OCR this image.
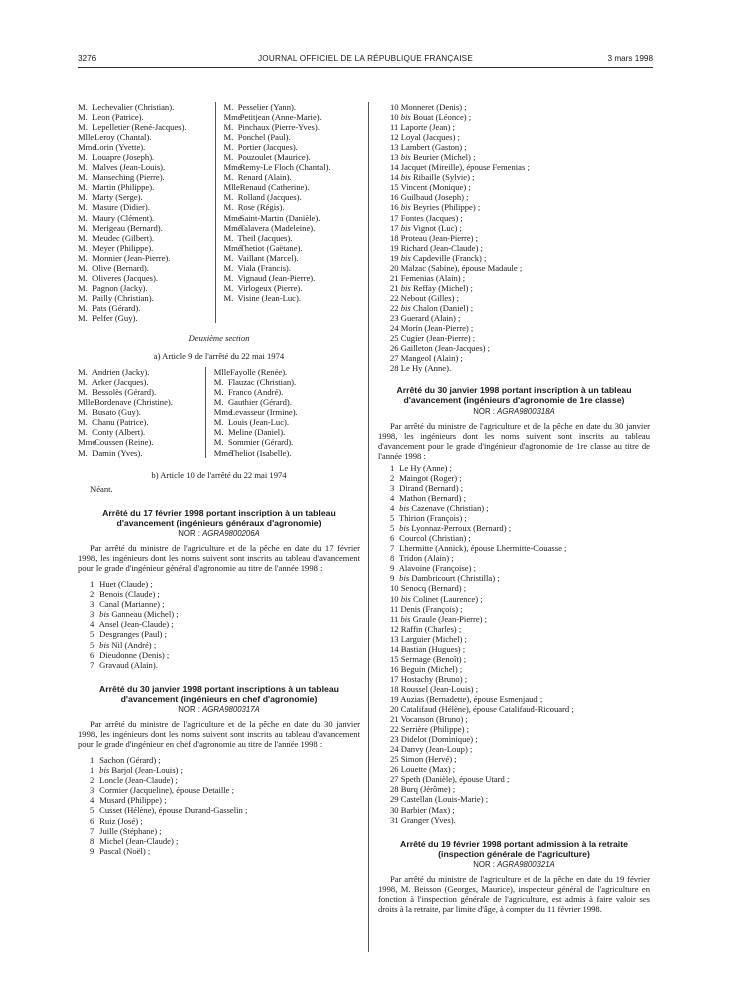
3276	JOURNAL OFFICIEL DE LA RÉPUBLIQUE FRANÇAISE	3 mars 1998
M. Lechevalier (Christian).
M. Leon (Patrice).
M. Lepelletier (René-Jacques).
Mlle Leroy (Chantal).
Mme Lorin (Yvette).
M. Louapre (Joseph).
M. Malves (Jean-Louis).
M. Manseching (Pierre).
M. Martin (Philippe).
M. Marty (Serge).
M. Masure (Didier).
M. Maury (Clément).
M. Merigeau (Bernard).
M. Meudec (Gilbert).
M. Meyer (Philippe).
M. Monnier (Jean-Pierre).
M. Olive (Bernard).
M. Oliveres (Jacques).
M. Pagnon (Jacky).
M. Pailly (Christian).
M. Pats (Gérard).
M. Pelfer (Guy).
M. Pesselier (Yann).
Mme Petitjean (Anne-Marie).
M. Pinchaux (Pierre-Yves).
M. Ponchel (Paul).
M. Portier (Jacques).
M. Pouzoulet (Maurice).
Mme Remy-Le Floch (Chantal).
M. Renard (Alain).
Mlle Renaud (Catherine).
M. Rolland (Jacques).
M. Rose (Régis).
Mme Saint-Martin (Danièle).
Mme Talavera (Madeleine).
M. Theil (Jacques).
Mme Thetiot (Gaëtane).
M. Vaillant (Marcel).
M. Viala (Francis).
M. Vignaud (Jean-Pierre).
M. Virlogeux (Pierre).
M. Visine (Jean-Luc).
Deuxième section
a) Article 9 de l'arrêté du 22 mai 1974
M. Andrien (Jacky).
M. Arker (Jacques).
M. Bessolès (Gérard).
Mlle Bordenave (Christine).
M. Busato (Guy).
M. Chanu (Patrice).
M. Conty (Albert).
Mme Coussen (Reine).
M. Damin (Yves).
Mlle Fayolle (Renée).
M. Flauzac (Christian).
M. Franco (André).
M. Gauthier (Gérard).
Mme Levasseur (Irmine).
M. Louis (Jean-Luc).
M. Meline (Daniel).
M. Sommier (Gérard).
Mme Theliot (Isabelle).
b) Article 10 de l'arrêté du 22 mai 1974
Néant.
Arrêté du 17 février 1998 portant inscription à un tableau d'avancement (ingénieurs généraux d'agronomie)
NOR : AGRA9800206A

Par arrêté du ministre de l'agriculture et de la pêche en date du 17 février 1998, les ingénieurs dont les noms suivent sont inscrits au tableau d'avancement pour le grade d'ingénieur général d'agronomie au titre de l'année 1998 :

1 Huet (Claude) ;
2 Benois (Claude) ;
3 Canal (Marianne) ;
3 bis Ganneau (Michel) ;
4 Ansel (Jean-Claude) ;
5 Desgranges (Paul) ;
5 bis Nil (André) ;
6 Dieudonne (Denis) ;
7 Gravaud (Alain).
Arrêté du 30 janvier 1998 portant inscriptions à un tableau d'avancement (ingénieurs en chef d'agronomie)
NOR : AGRA9800317A

Par arrêté du ministre de l'agriculture et de la pêche en date du 30 janvier 1998, les ingénieurs dont les noms suivent sont inscrits au tableau d'avancement pour le grade d'ingénieur en chef d'agronomie au titre de l'année 1998 :

1 Sachon (Gérard) ;
1 bis Barjol (Jean-Louis) ;
2 Loncle (Jean-Claude) ;
3 Cormier (Jacqueline), épouse Detaille ;
4 Musard (Philippe) ;
5 Cusset (Hélène), épouse Durand-Gasselin ;
6 Ruiz (José) ;
7 Juille (Stéphane) ;
8 Michel (Jean-Claude) ;
9 Pascal (Noël) ;
10 Monneret (Denis) ;
10 bis Bouat (Léonce) ;
11 Laporte (Jean) ;
12 Loyal (Jacques) ;
13 Lambert (Gaston) ;
13 bis Beurier (Michel) ;
14 Jacquet (Mireille), épouse Femenias ;
14 bis Ribaille (Sylvie) ;
15 Vincent (Monique) ;
16 Guilbaud (Joseph) ;
16 bis Beyries (Philippe) ;
17 Fontes (Jacques) ;
17 bis Vignot (Luc) ;
18 Proteau (Jean-Pierre) ;
19 Richard (Jean-Claude) ;
19 bis Capdeville (Franck) ;
20 Malzac (Sabine), épouse Madaule ;
21 Femenias (Alain) ;
21 bis Reffay (Michel) ;
22 Nebout (Gilles) ;
22 bis Chalon (Daniel) ;
23 Guerard (Alain) ;
24 Morin (Jean-Pierre) ;
25 Cugier (Jean-Pierre) ;
26 Gailleton (Jean-Jacques) ;
27 Mangeol (Alain) ;
28 Le Hy (Anne).
Arrêté du 30 janvier 1998 portant inscription à un tableau d'avancement (ingénieurs d'agronomie de 1re classe)
NOR : AGRA9800318A

Par arrêté du ministre de l'agriculture et de la pêche en date du 30 janvier 1998, les ingénieurs dont les noms suivent sont inscrits au tableau d'avancement pour le grade d'ingénieur d'agronomie de 1re classe au titre de l'année 1998 :

1 Le Hy (Anne) ;
2 Maingot (Roger) ;
3 Dirand (Bernard) ;
4 Mathon (Bernard) ;
4 bis Cazenave (Christian) ;
5 Thirion (François) ;
5 bis Lyonnaz-Perroux (Bernard) ;
6 Courcol (Christian) ;
7 Lhermitte (Annick), épouse Lhermitte-Couasse ;
8 Tridon (Alain) ;
9 Alavoine (Françoise) ;
9 bis Dambricourt (Christilla) ;
10 Senocq (Bernard) ;
10 bis Colinet (Laurence) ;
11 Denis (François) ;
11 bis Graule (Jean-Pierre) ;
12 Raffin (Charles) ;
13 Larguier (Michel) ;
14 Bastian (Hugues) ;
15 Sermage (Benoît) ;
16 Beguin (Michel) ;
17 Hostachy (Bruno) ;
18 Roussel (Jean-Louis) ;
19 Auzias (Bernadette), épouse Esmenjaud ;
20 Catalifaud (Hélène), épouse Catalifaud-Ricouard ;
21 Vocanson (Bruno) ;
22 Serrière (Philippe) ;
23 Didelot (Dominique) ;
24 Danvy (Jean-Loup) ;
25 Simon (Hervé) ;
26 Louette (Max) ;
27 Speth (Danièle), épouse Utard ;
28 Burq (Jérôme) ;
29 Castellan (Louis-Marie) ;
30 Barbier (Max) ;
31 Granger (Yves).
Arrêté du 19 février 1998 portant admission à la retraite (inspection générale de l'agriculture)
NOR : AGRA9800321A

Par arrêté du ministre de l'agriculture et de la pêche en date du 19 février 1998, M. Beisson (Georges, Maurice), inspecteur général de l'agriculture en fonction à l'inspection générale de l'agriculture, est admis à faire valoir ses droits à la retraite, par limite d'âge, à compter du 11 février 1998.
